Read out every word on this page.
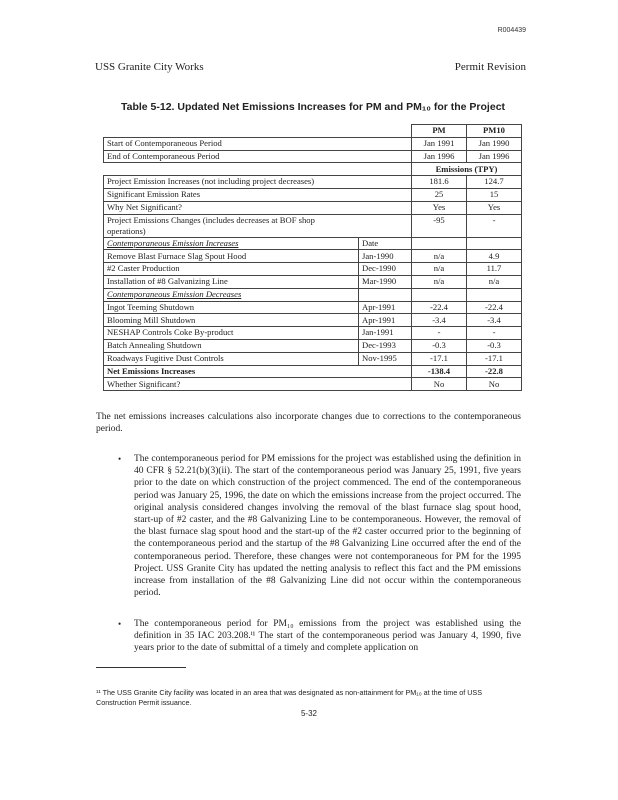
R004439
USS Granite City Works	Permit Revision
Table 5-12. Updated Net Emissions Increases for PM and PM₁₀ for the Project
		PM	PM10
Start of Contemporaneous Period		Jan 1991	Jan 1990
End of Contemporaneous Period		Jan 1996	Jan 1996
		Emissions (TPY)	
Project Emission Increases (not including project decreases)		181.6	124.7
Significant Emission Rates		25	15
Why Net Significant?		Yes	Yes
Project Emissions Changes (includes decreases at BOF shop operations)		-95	-
Contemporaneous Emission Increases	Date		
Remove Blast Furnace Slag Spout Hood	Jan-1990	n/a	4.9
#2 Caster Production	Dec-1990	n/a	11.7
Installation of #8 Galvanizing Line	Mar-1990	n/a	n/a
Contemporaneous Emission Decreases			
Ingot Teeming Shutdown	Apr-1991	-22.4	-22.4
Blooming Mill Shutdown	Apr-1991	-3.4	-3.4
NESHAP Controls Coke By-product	Jan-1991	-	-
Batch Annealing Shutdown	Dec-1993	-0.3	-0.3
Roadways Fugitive Dust Controls	Nov-1995	-17.1	-17.1
Net Emissions Increases		-138.4	-22.8
Whether Significant?		No	No
The net emissions increases calculations also incorporate changes due to corrections to the contemporaneous period.
• The contemporaneous period for PM emissions for the project was established using the definition in 40 CFR § 52.21(b)(3)(ii). The start of the contemporaneous period was January 25, 1991, five years prior to the date on which construction of the project commenced. The end of the contemporaneous period was January 25, 1996, the date on which the emissions increase from the project occurred. The original analysis considered changes involving the removal of the blast furnace slag spout hood, start-up of #2 caster, and the #8 Galvanizing Line to be contemporaneous. However, the removal of the blast furnace slag spout hood and the start-up of the #2 caster occurred prior to the beginning of the contemporaneous period and the startup of the #8 Galvanizing Line occurred after the end of the contemporaneous period. Therefore, these changes were not contemporaneous for PM for the 1995 Project. USS Granite City has updated the netting analysis to reflect this fact and the PM emissions increase from installation of the #8 Galvanizing Line did not occur within the contemporaneous period.
• The contemporaneous period for PM₁₀ emissions from the project was established using the definition in 35 IAC 203.208.ⁱ¹ The start of the contemporaneous period was January 4, 1990, five years prior to the date of submittal of a timely and complete application on
¹¹ The USS Granite City facility was located in an area that was designated as non-attainment for PM₁₀ at the time of USS Construction Permit issuance.
5-32
